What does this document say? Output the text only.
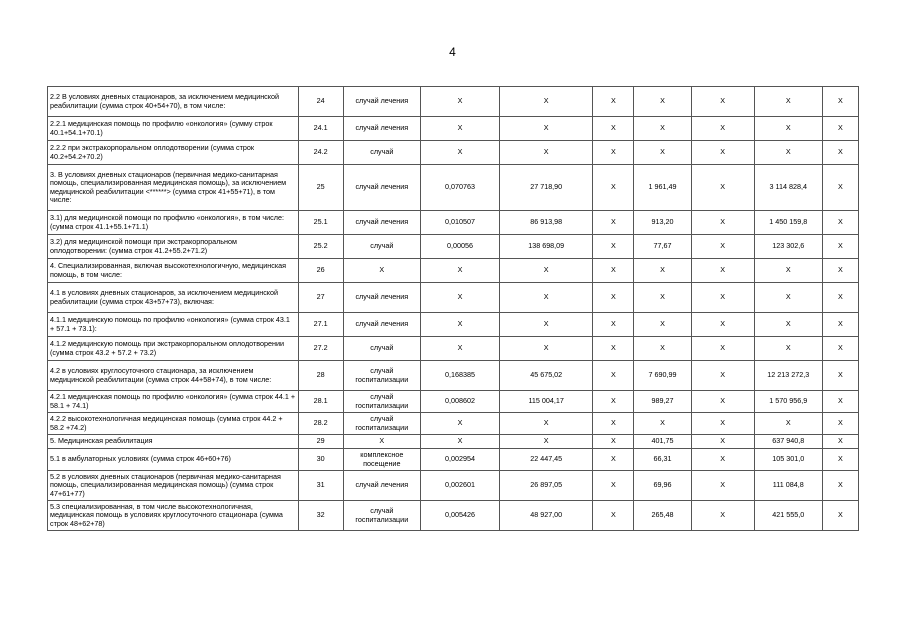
4
2.2 В условиях дневных стационаров, за исключением медицинской реабилитации (сумма строк 40+54+70), в том числе:	24	случай лечения	X	X	X	X	X	X	X
2.2.1 медицинская помощь по профилю «онкология» (сумму строк 40.1+54.1+70.1)	24.1	случай лечения	X	X	X	X	X	X	X
2.2.2 при экстракорпоральном оплодотворении (сумма строк 40.2+54.2+70.2)	24.2	случай	X	X	X	X	X	X	X
3. В условиях дневных стационаров (первичная медико-санитарная помощь, специализированная медицинская помощь), за исключением медицинской реабилитации <******> (сумма строк 41+55+71), в том числе:	25	случай лечения	0,070763	27 718,90	X	1 961,49	X	3 114 828,4	X
3.1) для медицинской помощи по профилю «онкология», в том числе: (сумма строк 41.1+55.1+71.1)	25.1	случай лечения	0,010507	86 913,98	X	913,20	X	1 450 159,8	X
3.2) для медицинской помощи при экстракорпоральном оплодотворении: (сумма строк 41.2+55.2+71.2)	25.2	случай	0,00056	138 698,09	X	77,67	X	123 302,6	X
4. Специализированная, включая высокотехнологичную, медицинская помощь, в том числе:	26	X	X	X	X	X	X	X	X
4.1 в условиях дневных стационаров, за исключением медицинской реабилитации (сумма строк 43+57+73), включая:	27	случай лечения	X	X	X	X	X	X	X
4.1.1 медицинскую помощь по профилю «онкология» (сумма строк 43.1 + 57.1 + 73.1):	27.1	случай лечения	X	X	X	X	X	X	X
4.1.2 медицинскую помощь при экстракорпоральном оплодотворении (сумма строк 43.2 + 57.2 + 73.2)	27.2	случай	X	X	X	X	X	X	X
4.2 в условиях круглосуточного стационара, за исключением медицинской реабилитации (сумма строк 44+58+74), в том числе:	28	случай госпитализации	0,168385	45 675,02	X	7 690,99	X	12 213 272,3	X
4.2.1 медицинская помощь по профилю «онкология» (сумма строк 44.1 + 58.1 + 74.1)	28.1	случай госпитализации	0,008602	115 004,17	X	989,27	X	1 570 956,9	X
4.2.2 высокотехнологичная медицинская помощь (сумма строк 44.2 + 58.2 +74.2)	28.2	случай госпитализации	X	X	X	X	X	X	X
5. Медицинская реабилитация	29	X	X	X	X	401,75	X	637 940,8	X
5.1 в амбулаторных условиях (сумма строк 46+60+76)	30	комплексное посещение	0,002954	22 447,45	X	66,31	X	105 301,0	X
5.2 в условиях дневных стационаров (первичная медико-санитарная помощь, специализированная медицинская помощь) (сумма строк 47+61+77)	31	случай лечения	0,002601	26 897,05	X	69,96	X	111 084,8	X
5.3 специализированная, в том числе высокотехнологичная, медицинская помощь в условиях круглосуточного стационара (сумма строк 48+62+78)	32	случай госпитализации	0,005426	48 927,00	X	265,48	X	421 555,0	X
